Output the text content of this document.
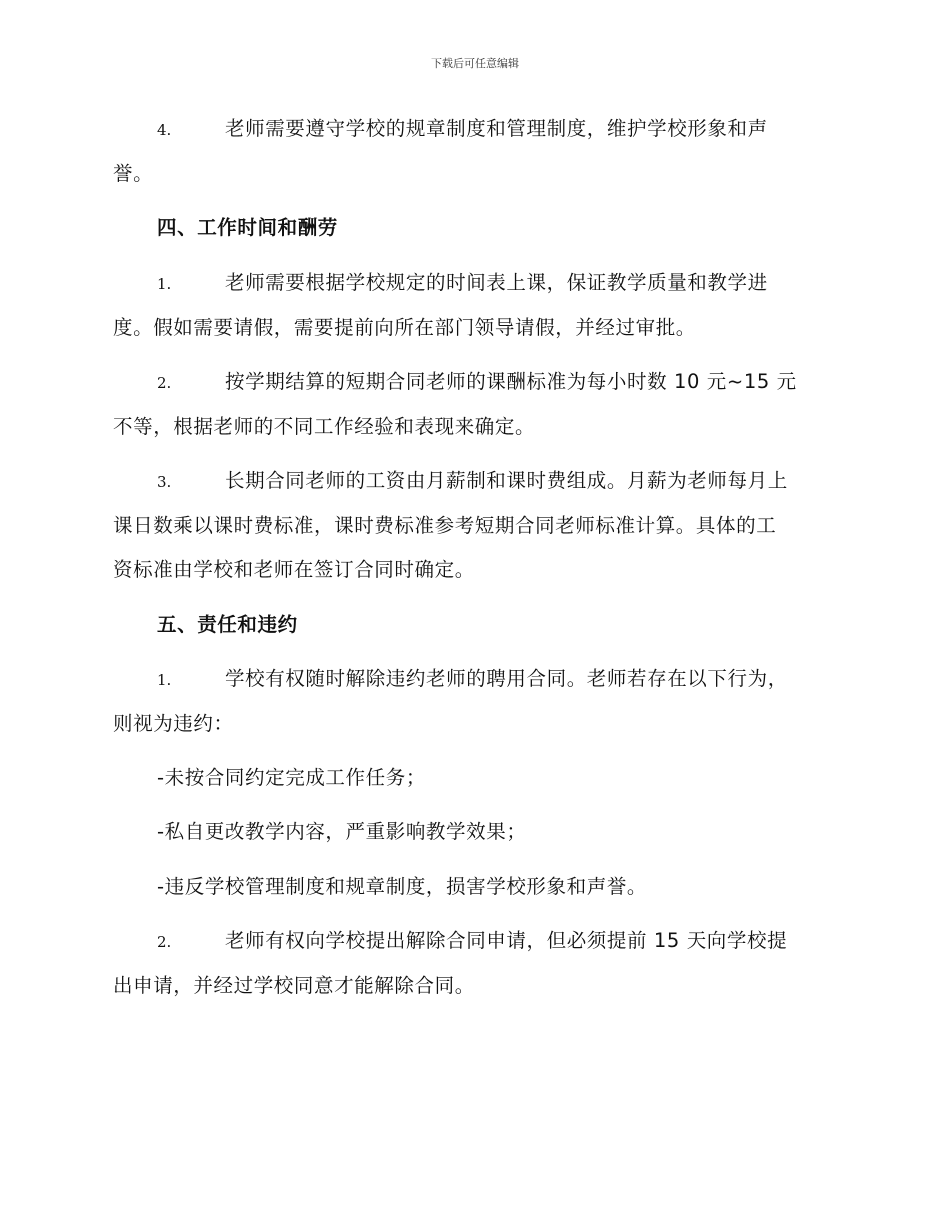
下载后可任意编辑
4.	老师需要遵守学校的规章制度和管理制度，维护学校形象和声
誉。
四、工作时间和酬劳
1.	老师需要根据学校规定的时间表上课，保证教学质量和教学进
度。假如需要请假，需要提前向所在部门领导请假，并经过审批。
2.	按学期结算的短期合同老师的课酬标准为每小时数 10 元~15 元
不等，根据老师的不同工作经验和表现来确定。
3.	长期合同老师的工资由月薪制和课时费组成。月薪为老师每月上
课日数乘以课时费标准，课时费标准参考短期合同老师标准计算。具体的工
资标准由学校和老师在签订合同时确定。
五、责任和违约
1.	学校有权随时解除违约老师的聘用合同。老师若存在以下行为，
则视为违约：
-未按合同约定完成工作任务；
-私自更改教学内容，严重影响教学效果；
-违反学校管理制度和规章制度，损害学校形象和声誉。
2.	老师有权向学校提出解除合同申请，但必须提前 15 天向学校提
出申请，并经过学校同意才能解除合同。
